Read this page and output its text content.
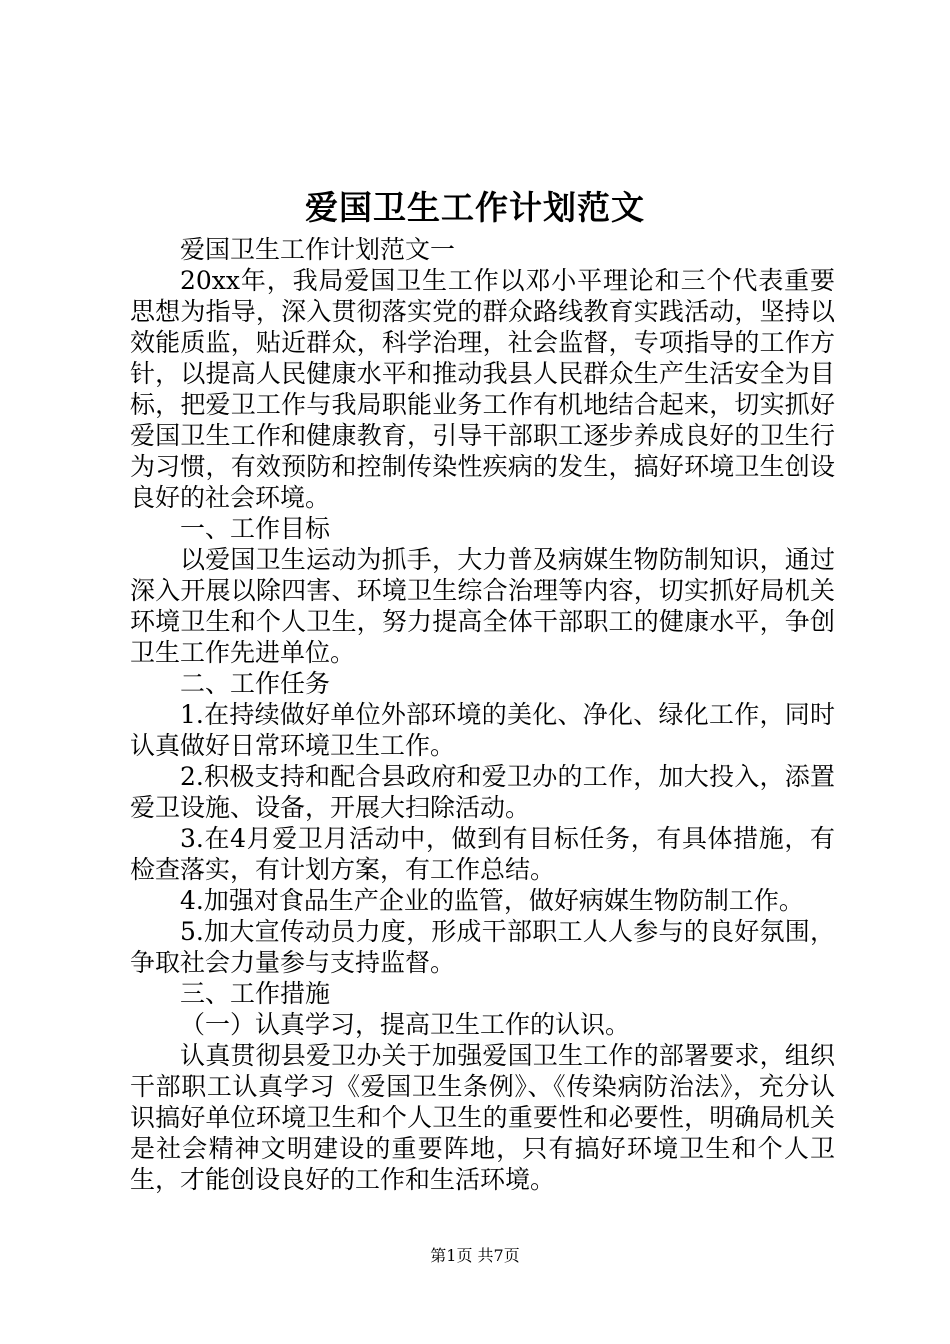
爱国卫生工作计划范文

爱国卫生工作计划范文一

20xx年，我局爱国卫生工作以邓小平理论和三个代表重要思想为指导，深入贯彻落实党的群众路线教育实践活动，坚持以效能质监，贴近群众，科学治理，社会监督，专项指导的工作方针，以提高人民健康水平和推动我县人民群众生产生活安全为目标，把爱卫工作与我局职能业务工作有机地结合起来，切实抓好爱国卫生工作和健康教育，引导干部职工逐步养成良好的卫生行为习惯，有效预防和控制传染性疾病的发生，搞好环境卫生创设良好的社会环境。

一、工作目标

以爱国卫生运动为抓手，大力普及病媒生物防制知识，通过深入开展以除四害、环境卫生综合治理等内容，切实抓好局机关环境卫生和个人卫生，努力提高全体干部职工的健康水平，争创卫生工作先进单位。

二、工作任务

1.在持续做好单位外部环境的美化、净化、绿化工作，同时认真做好日常环境卫生工作。

2.积极支持和配合县政府和爱卫办的工作，加大投入，添置爱卫设施、设备，开展大扫除活动。

3.在4月爱卫月活动中，做到有目标任务，有具体措施，有检查落实，有计划方案，有工作总结。

4.加强对食品生产企业的监管，做好病媒生物防制工作。

5.加大宣传动员力度，形成干部职工人人参与的良好氛围，争取社会力量参与支持监督。

三、工作措施

（一）认真学习，提高卫生工作的认识。

认真贯彻县爱卫办关于加强爱国卫生工作的部署要求，组织干部职工认真学习《爱国卫生条例》、《传染病防治法》，充分认识搞好单位环境卫生和个人卫生的重要性和必要性，明确局机关是社会精神文明建设的重要阵地，只有搞好环境卫生和个人卫生，才能创设良好的工作和生活环境。

第1页 共7页
